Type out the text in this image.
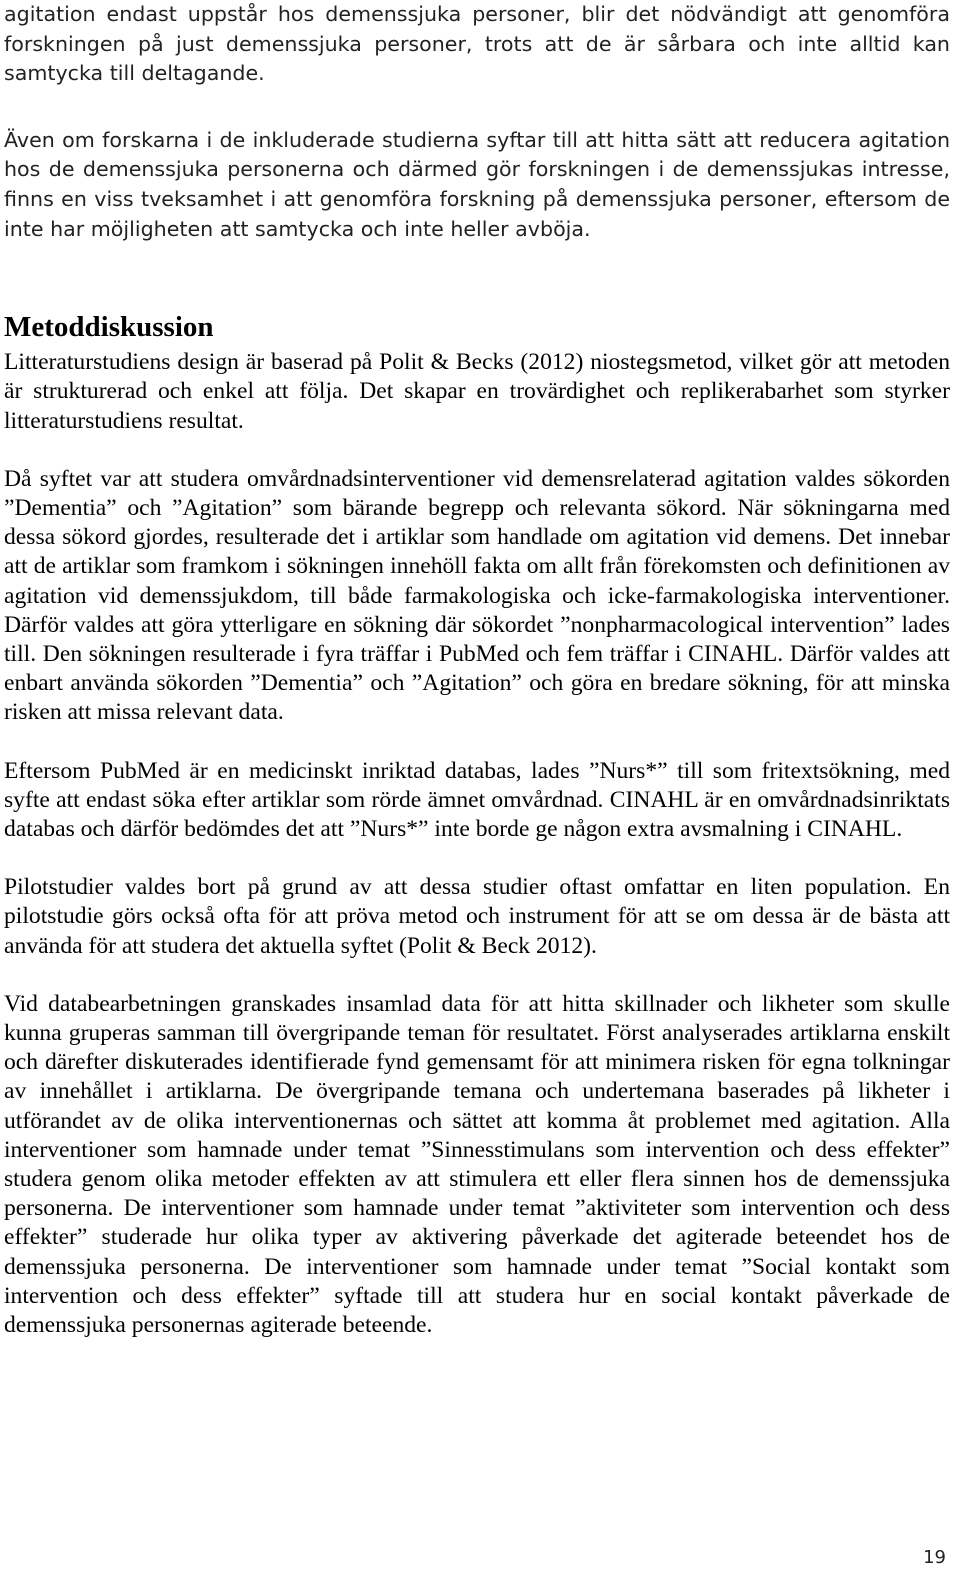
agitation endast uppstår hos demenssjuka personer, blir det nödvändigt att genomföra forskningen på just demenssjuka personer, trots att de är sårbara och inte alltid kan samtycka till deltagande.

Även om forskarna i de inkluderade studierna syftar till att hitta sätt att reducera agitation hos de demenssjuka personerna och därmed gör forskningen i de demenssjukas intresse, finns en viss tveksamhet i att genomföra forskning på demenssjuka personer, eftersom de inte har möjligheten att samtycka och inte heller avböja.

Metoddiskussion

Litteraturstudiens design är baserad på Polit & Becks (2012) niostegsmetod, vilket gör att metoden är strukturerad och enkel att följa. Det skapar en trovärdighet och replikerabarhet som styrker litteraturstudiens resultat.

Då syftet var att studera omvårdnadsinterventioner vid demensrelaterad agitation valdes sökorden ”Dementia” och ”Agitation” som bärande begrepp och relevanta sökord. När sökningarna med dessa sökord gjordes, resulterade det i artiklar som handlade om agitation vid demens. Det innebar att de artiklar som framkom i sökningen innehöll fakta om allt från förekomsten och definitionen av agitation vid demenssjukdom, till både farmakologiska och icke-farmakologiska interventioner. Därför valdes att göra ytterligare en sökning där sökordet ”nonpharmacological intervention” lades till. Den sökningen resulterade i fyra träffar i PubMed och fem träffar i CINAHL. Därför valdes att enbart använda sökorden ”Dementia” och ”Agitation” och göra en bredare sökning, för att minska risken att missa relevant data.

Eftersom PubMed är en medicinskt inriktad databas, lades ”Nurs*” till som fritextsökning, med syfte att endast söka efter artiklar som rörde ämnet omvårdnad. CINAHL är en omvårdnadsinriktats databas och därför bedömdes det att ”Nurs*” inte borde ge någon extra avsmalning i CINAHL.

Pilotstudier valdes bort på grund av att dessa studier oftast omfattar en liten population. En pilotstudie görs också ofta för att pröva metod och instrument för att se om dessa är de bästa att använda för att studera det aktuella syftet (Polit & Beck 2012).

Vid databearbetningen granskades insamlad data för att hitta skillnader och likheter som skulle kunna gruperas samman till övergripande teman för resultatet. Först analyserades artiklarna enskilt och därefter diskuterades identifierade fynd gemensamt för att minimera risken för egna tolkningar av innehållet i artiklarna. De övergripande temana och undertemana baserades på likheter i utförandet av de olika interventionernas och sättet att komma åt problemet med agitation. Alla interventioner som hamnade under temat ”Sinnesstimulans som intervention och dess effekter” studera genom olika metoder effekten av att stimulera ett eller flera sinnen hos de demenssjuka personerna. De interventioner som hamnade under temat ”aktiviteter som intervention och dess effekter” studerade hur olika typer av aktivering påverkade det agiterade beteendet hos de demenssjuka personerna. De interventioner som hamnade under temat ”Social kontakt som intervention och dess effekter” syftade till att studera hur en social kontakt påverkade de demenssjuka personernas agiterade beteende.

19
